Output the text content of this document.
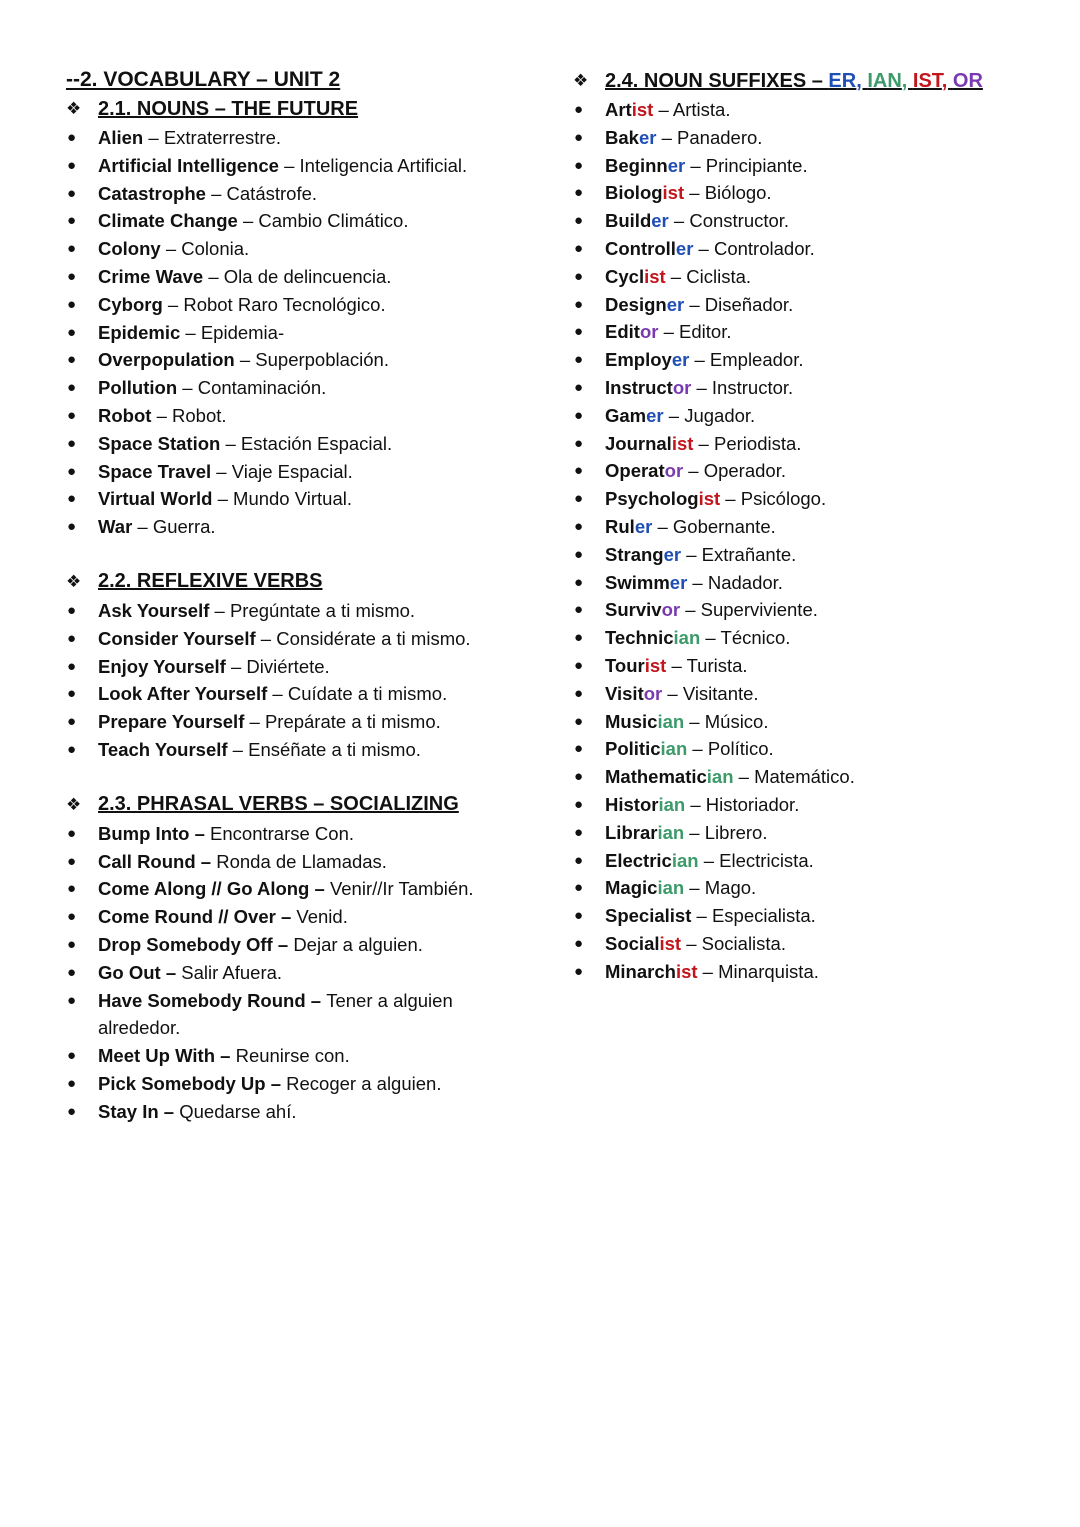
--2. VOCABULARY – UNIT 2
❖ 2.1. NOUNS – THE FUTURE
● Alien – Extraterrestre.
● Artificial Intelligence – Inteligencia Artificial.
● Catastrophe – Catástrofe.
● Climate Change – Cambio Climático.
● Colony – Colonia.
● Crime Wave – Ola de delincuencia.
● Cyborg – Robot Raro Tecnológico.
● Epidemic – Epidemia-
● Overpopulation – Superpoblación.
● Pollution – Contaminación.
● Robot – Robot.
● Space Station – Estación Espacial.
● Space Travel – Viaje Espacial.
● Virtual World – Mundo Virtual.
● War – Guerra.
❖ 2.2. REFLEXIVE VERBS
● Ask Yourself – Pregúntate a ti mismo.
● Consider Yourself – Considérate a ti mismo.
● Enjoy Yourself – Diviértete.
● Look After Yourself – Cuídate a ti mismo.
● Prepare Yourself – Prepárate a ti mismo.
● Teach Yourself – Enséñate a ti mismo.
❖ 2.3. PHRASAL VERBS – SOCIALIZING
● Bump Into – Encontrarse Con.
● Call Round – Ronda de Llamadas.
● Come Along // Go Along – Venir//Ir También.
● Come Round // Over – Venid.
● Drop Somebody Off – Dejar a alguien.
● Go Out – Salir Afuera.
● Have Somebody Round – Tener a alguien alrededor.
● Meet Up With – Reunirse con.
● Pick Somebody Up – Recoger a alguien.
● Stay In – Quedarse ahí.
❖ 2.4. NOUN SUFFIXES – ER, IAN, IST, OR
● Artist – Artista.
● Baker – Panadero.
● Beginner – Principiante.
● Biologist – Biólogo.
● Builder – Constructor.
● Controller – Controlador.
● Cyclist – Ciclista.
● Designer – Diseñador.
● Editor – Editor.
● Employer – Empleador.
● Instructor – Instructor.
● Gamer – Jugador.
● Journalist – Periodista.
● Operator – Operador.
● Psychologist – Psicólogo.
● Ruler – Gobernante.
● Stranger – Extrañante.
● Swimmer – Nadador.
● Survivor – Superviviente.
● Technician – Técnico.
● Tourist – Turista.
● Visitor – Visitante.
● Musician – Músico.
● Politician – Político.
● Mathematician – Matemático.
● Historian – Historiador.
● Librarian – Librero.
● Electrician – Electricista.
● Magician – Mago.
● Specialist – Especialista.
● Socialist – Socialista.
● Minarchist – Minarquista.
